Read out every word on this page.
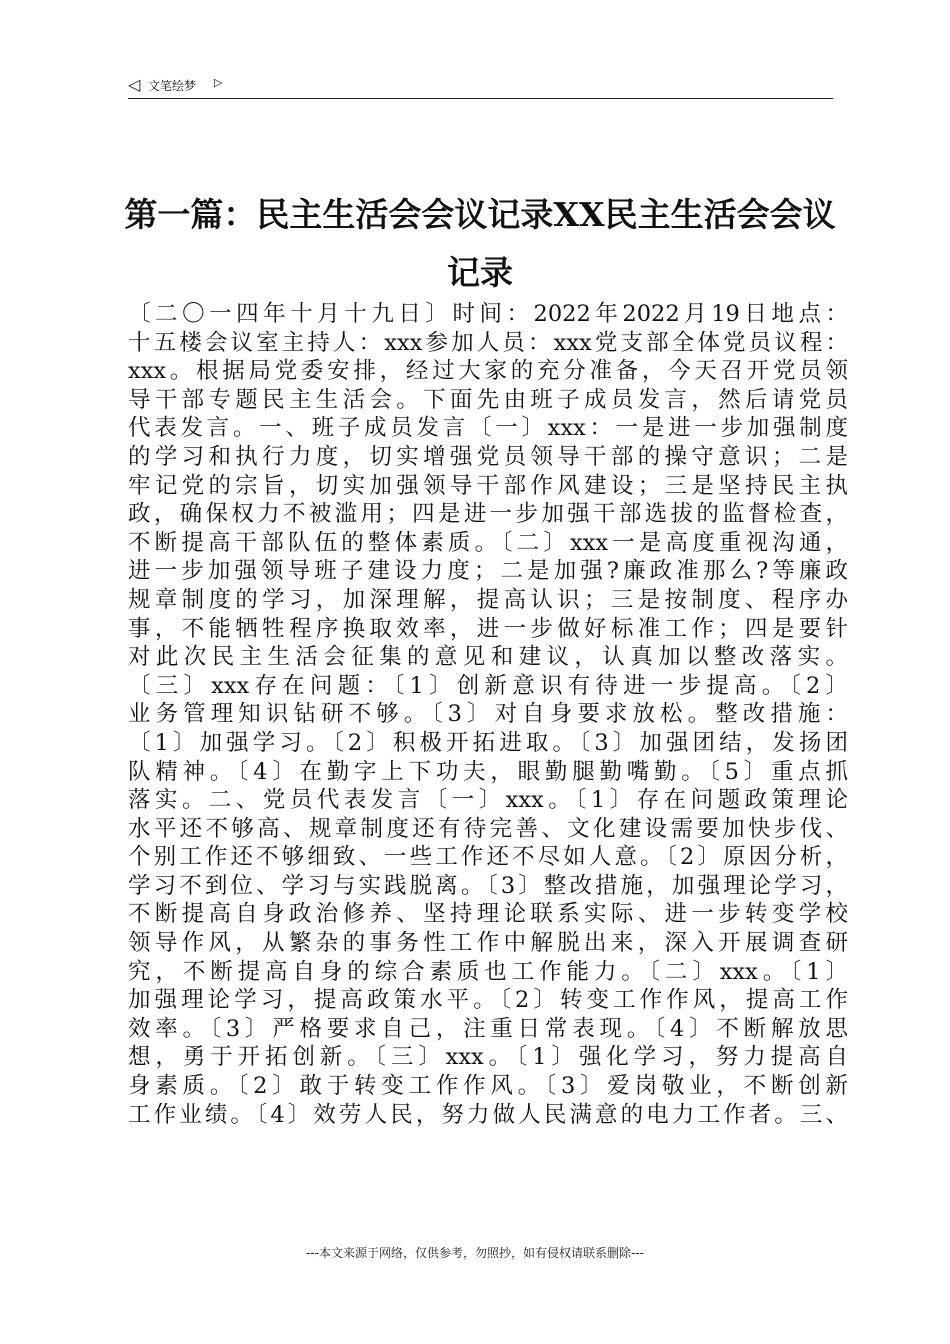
◁ 文笔绘梦 ▷
第一篇：民主生活会会议记录XX民主生活会会议记录
〔二〇一四年十月十九日〕时间：2022年2022月19日地点：
十五楼会议室主持人：xxx参加人员：xxx党支部全体党员议程：
xxx。根据局党委安排，经过大家的充分准备，今天召开党员领
导干部专题民主生活会。下面先由班子成员发言，然后请党员
代表发言。一、班子成员发言〔一〕xxx：一是进一步加强制度
的学习和执行力度，切实增强党员领导干部的操守意识；二是
牢记党的宗旨，切实加强领导干部作风建设；三是坚持民主执
政，确保权力不被滥用；四是进一步加强干部选拔的监督检查，
不断提高干部队伍的整体素质。〔二〕xxx一是高度重视沟通，
进一步加强领导班子建设力度；二是加强?廉政准那么?等廉政
规章制度的学习，加深理解，提高认识；三是按制度、程序办
事，不能牺牲程序换取效率，进一步做好标准工作；四是要针
对此次民主生活会征集的意见和建议，认真加以整改落实。
〔三〕xxx存在问题：〔1〕创新意识有待进一步提高。〔2〕
业务管理知识钻研不够。〔3〕对自身要求放松。整改措施：
〔1〕加强学习。〔2〕积极开拓进取。〔3〕加强团结，发扬团
队精神。〔4〕在勤字上下功夫，眼勤腿勤嘴勤。〔5〕重点抓
落实。二、党员代表发言〔一〕xxx。〔1〕存在问题政策理论
水平还不够高、规章制度还有待完善、文化建设需要加快步伐、
个别工作还不够细致、一些工作还不尽如人意。〔2〕原因分析，
学习不到位、学习与实践脱离。〔3〕整改措施，加强理论学习，
不断提高自身政治修养、坚持理论联系实际、进一步转变学校
领导作风，从繁杂的事务性工作中解脱出来，深入开展调查研
究，不断提高自身的综合素质也工作能力。〔二〕xxx。〔1〕
加强理论学习，提高政策水平。〔2〕转变工作作风，提高工作
效率。〔3〕严格要求自己，注重日常表现。〔4〕不断解放思
想，勇于开拓创新。〔三〕xxx。〔1〕强化学习，努力提高自
身素质。〔2〕敢于转变工作作风。〔3〕爱岗敬业，不断创新
工作业绩。〔4〕效劳人民，努力做人民满意的电力工作者。三、
---本文来源于网络，仅供参考，勿照抄，如有侵权请联系删除---
